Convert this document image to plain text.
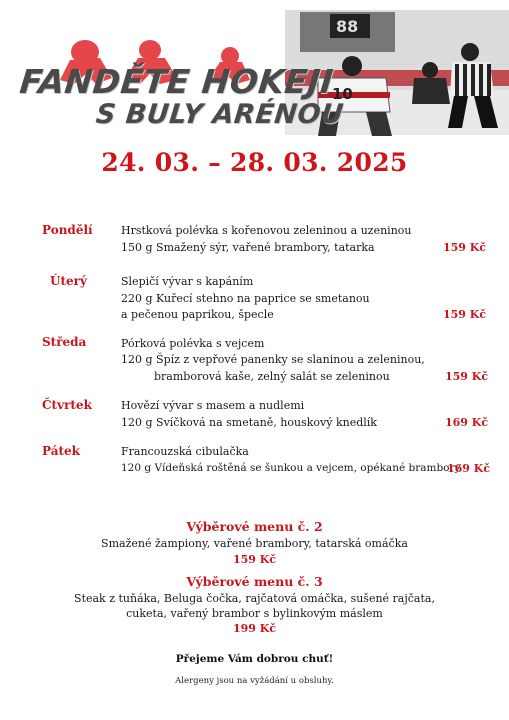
88
10
FANDĚTE HOKEJI
S BULY ARÉNOU
24. 03. – 28. 03. 2025
Pondělí	Hrstková polévka s kořenovou zeleninou a uzeninou
150 g Smažený sýr, vařené brambory, tatarka	159 Kč
Úterý	Slepičí vývar s kapáním
220 g Kuřecí stehno na paprice se smetanou
a pečenou paprikou, špecle	159 Kč
Středa	Pórková polévka s vejcem
120 g Špíz z vepřové panenky se slaninou a zeleninou,
bramborová kaše, zelný salát se zeleninou	159 Kč
Čtvrtek	Hovězí vývar s masem a nudlemi
120 g Svíčková na smetaně, houskový knedlík	169 Kč
Pátek	Francouzská cibulačka
120 g Vídeňská roštěná se šunkou a vejcem, opékané brambory
169 Kč
Výběrové menu č. 2
Smažené žampiony, vařené brambory, tatarská omáčka
159 Kč
Výběrové menu č. 3
Steak z tuňáka, Beluga čočka, rajčatová omáčka, sušené rajčata,
cuketa, vařený brambor s bylinkovým máslem
199 Kč
Přejeme Vám dobrou chuť!
Alergeny jsou na vyžádání u obsluhy.
